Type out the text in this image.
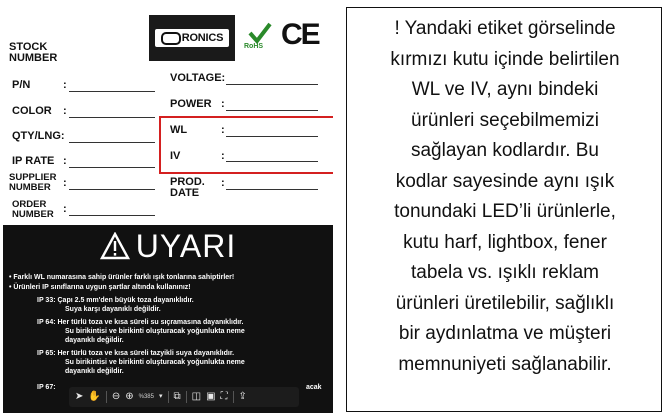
RONICS
RoHS CE
STOCK
NUMBER
P/N	:
COLOR :
QTY/LNG:
IP RATE :
SUPPLIER
NUMBER	:
ORDER
NUMBER :
VOLTAGE:
POWER :
WL	:
IV	:
PROD.
DATE
:
UYARI
• Farklı WL numarasına sahip ürünler farklı ışık tonlarına sahiptirler!
• Ürünleri IP sınıflarına uygun şartlar altında kullanınız!
IP 33: Çapı 2.5 mm'den büyük toza dayanıklıdır.
Suya karşı dayanıklı değildir.
IP 64: Her türlü toza ve kısa süreli su sıçramasına dayanıklıdır.
Su birikintisi ve birikinti oluşturacak yoğunlukta neme
dayanıklı değildir.
IP 65: Her türlü toza ve kısa süreli tazyikli suya dayanıklıdır.
Su birikintisi ve birikinti oluşturacak yoğunlukta neme
dayanıklı değildir.
IP 67:	acak
➤ ✋ ⊖ ⊕ %385 ▾ ⧉ ◫ ▣ ⛶ ⇪
! Yandaki etiket görselinde
kırmızı kutu içinde belirtilen
WL ve IV, aynı bindeki
ürünleri seçebilmemizi
sağlayan kodlardır. Bu
kodlar sayesinde aynı ışık
tonundaki LED’li ürünlerle,
kutu harf, lightbox, fener
tabela vs. ışıklı reklam
ürünleri üretilebilir, sağlıklı
bir aydınlatma ve müşteri
memnuniyeti sağlanabilir.
